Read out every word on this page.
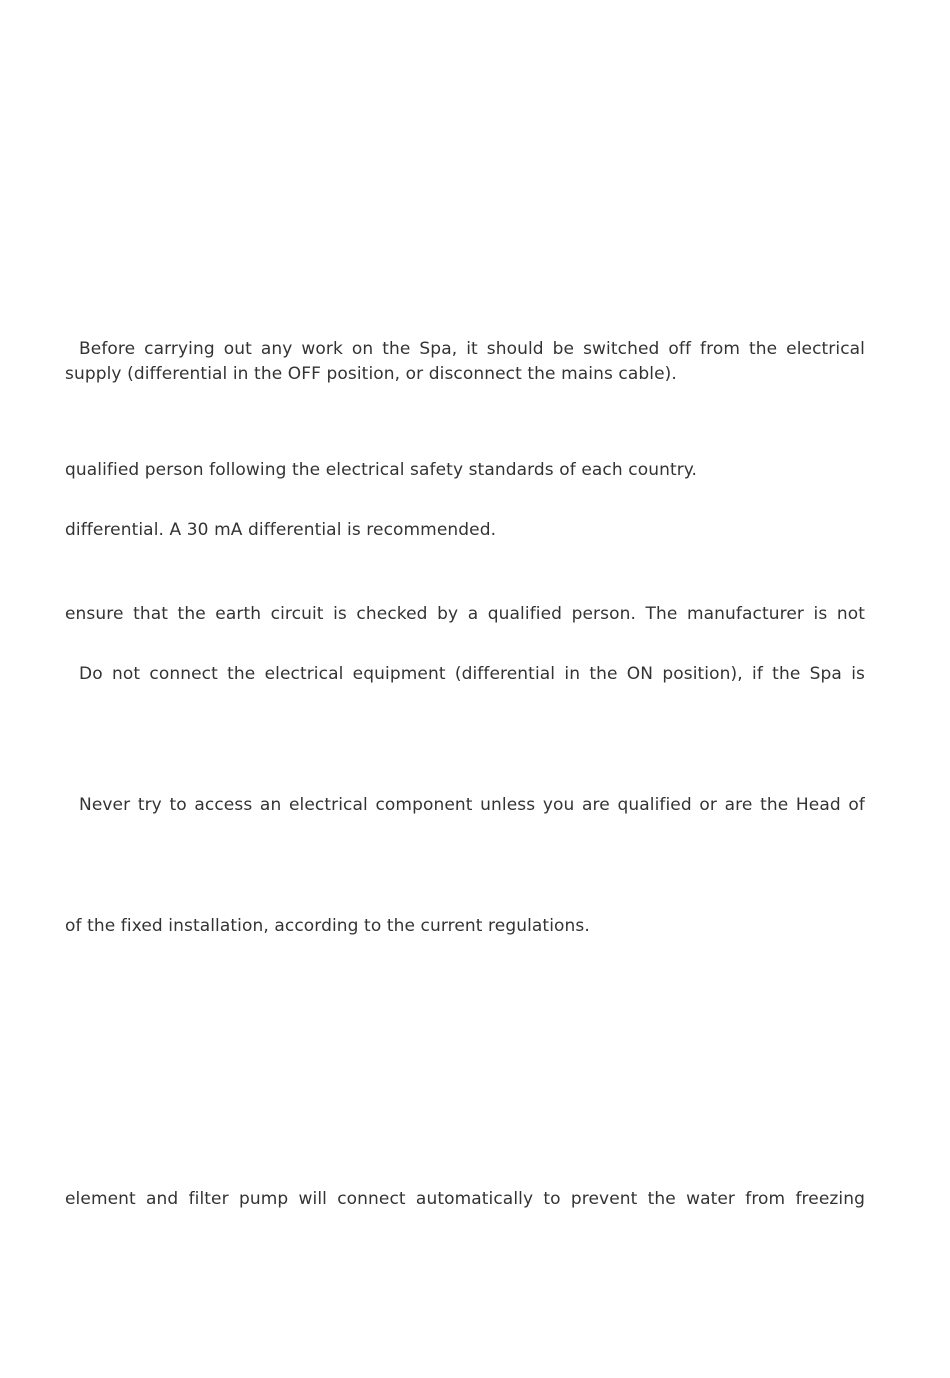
Before carrying out any work on the Spa, it should be switched off from the electrical
supply (differential in the OFF position, or disconnect the mains cable).
qualified person following the electrical safety standards of each country.
differential. A 30 mA differential is recommended.
ensure that the earth circuit is checked by a qualified person. The manufacturer is not
Do not connect the electrical equipment (differential in the ON position), if the Spa is
Never try to access an electrical component unless you are qualified or are the Head of
of the fixed installation, according to the current regulations.
element and filter pump will connect automatically to prevent the water from freezing
